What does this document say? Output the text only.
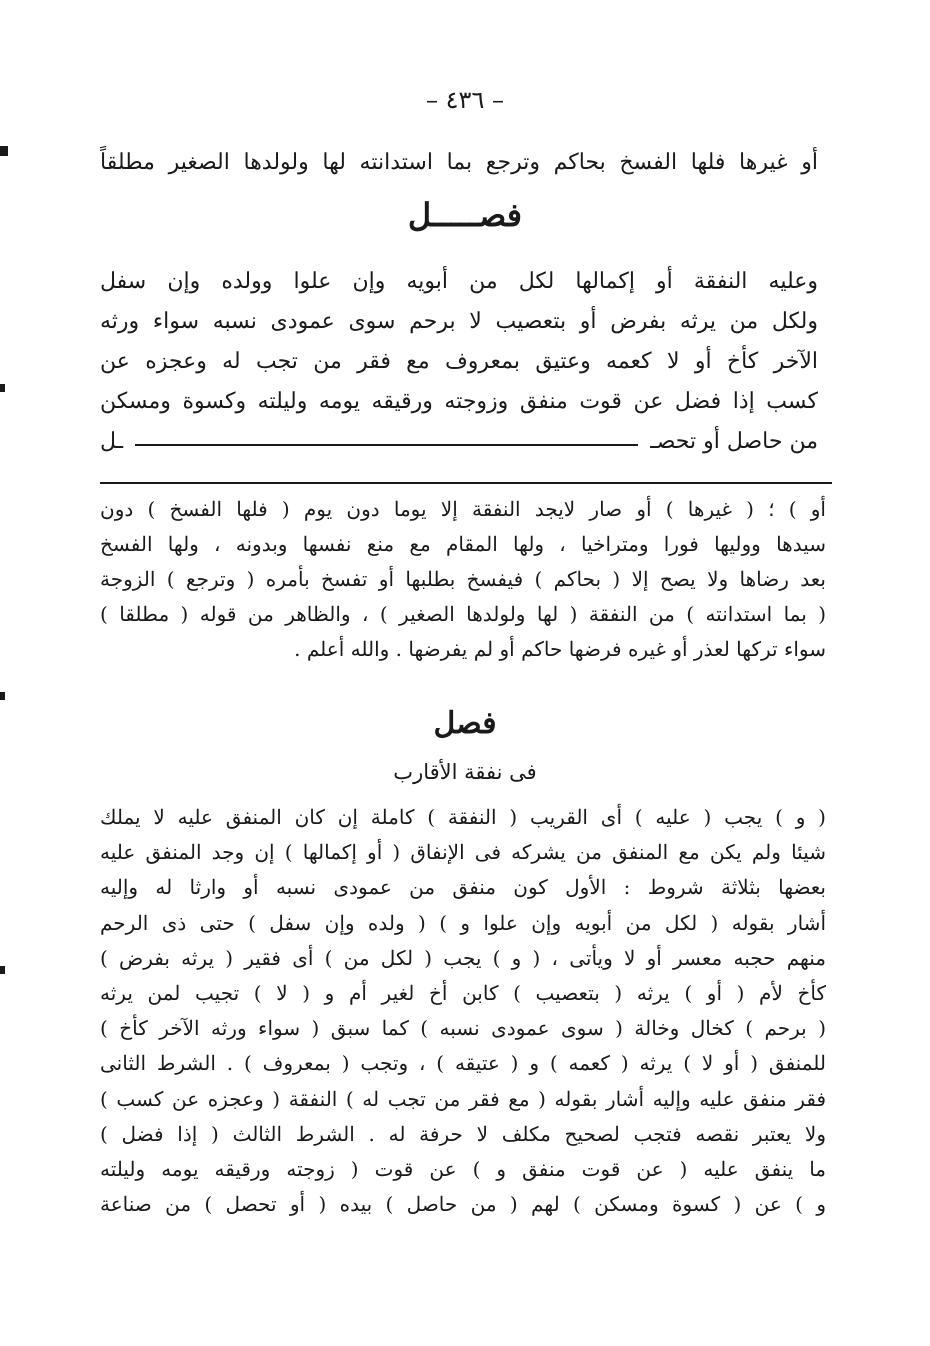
– ٤٣٦ –
أو غيرها فلها الفسخ بحاكم وترجع بما استدانته لها ولولدها الصغير مطلقاً
فصـــــل
وعليه النفقة أو إكمالها لكل من أبويه وإن علوا وولده وإن سفل
ولكل من يرثه بفرض أو بتعصيب لا برحم سوى عمودى نسبه سواء ورثه
الآخر كأخ أو لا كعمه وعتيق بمعروف مع فقر من تجب له وعجزه عن
كسب إذا فضل عن قوت منفق وزوجته ورقيقه يومه وليلته وكسوة ومسكن
من حاصل أو تحصـ
ـل
أو ) ؛ ( غيرها ) أو صار لايجد النفقة إلا يوما دون يوم ( فلها الفسخ ) دون
سيدها ووليها فورا ومتراخيا ، ولها المقام مع منع نفسها وبدونه ، ولها الفسخ
بعد رضاها ولا يصح إلا ( بحاكم ) فيفسخ بطلبها أو تفسخ بأمره ( وترجع ) الزوجة
( بما استدانته ) من النفقة ( لها ولولدها الصغير ) ، والظاهر من قوله ( مطلقا )
سواء تركها لعذر أو غيره فرضها حاكم أو لم يفرضها . والله أعلم .
فصل
فى نفقة الأقارب
( و ) يجب ( عليه ) أى القريب ( النفقة ) كاملة إن كان المنفق عليه لا يملك
شيئا ولم يكن مع المنفق من يشركه فى الإنفاق ( أو إكمالها ) إن وجد المنفق عليه
بعضها بثلاثة شروط : الأول كون منفق من عمودى نسبه أو وارثا له وإليه
أشار بقوله ( لكل من أبويه وإن علوا و ) ( ولده وإن سفل ) حتى ذى الرحم
منهم حجبه معسر أو لا ويأتى ، ( و ) يجب ( لكل من ) أى فقير ( يرثه بفرض )
كأخ لأم ( أو ) يرثه ( بتعصيب ) كابن أخ لغير أم و ( لا ) تجيب لمن يرثه
( برحم ) كخال وخالة ( سوى عمودى نسبه ) كما سبق ( سواء ورثه الآخر كأخ )
للمنفق ( أو لا ) يرثه ( كعمه ) و ( عتيقه ) ، وتجب ( بمعروف ) . الشرط الثانى
فقر منفق عليه وإليه أشار بقوله ( مع فقر من تجب له ) النفقة ( وعجزه عن كسب )
ولا يعتبر نقصه فتجب لصحيح مكلف لا حرفة له . الشرط الثالث ( إذا فضل )
ما ينفق عليه ( عن قوت منفق و ) عن قوت ( زوجته ورقيقه يومه وليلته
و ) عن ( كسوة ومسكن ) لهم ( من حاصل ) بيده ( أو تحصل ) من صناعة
